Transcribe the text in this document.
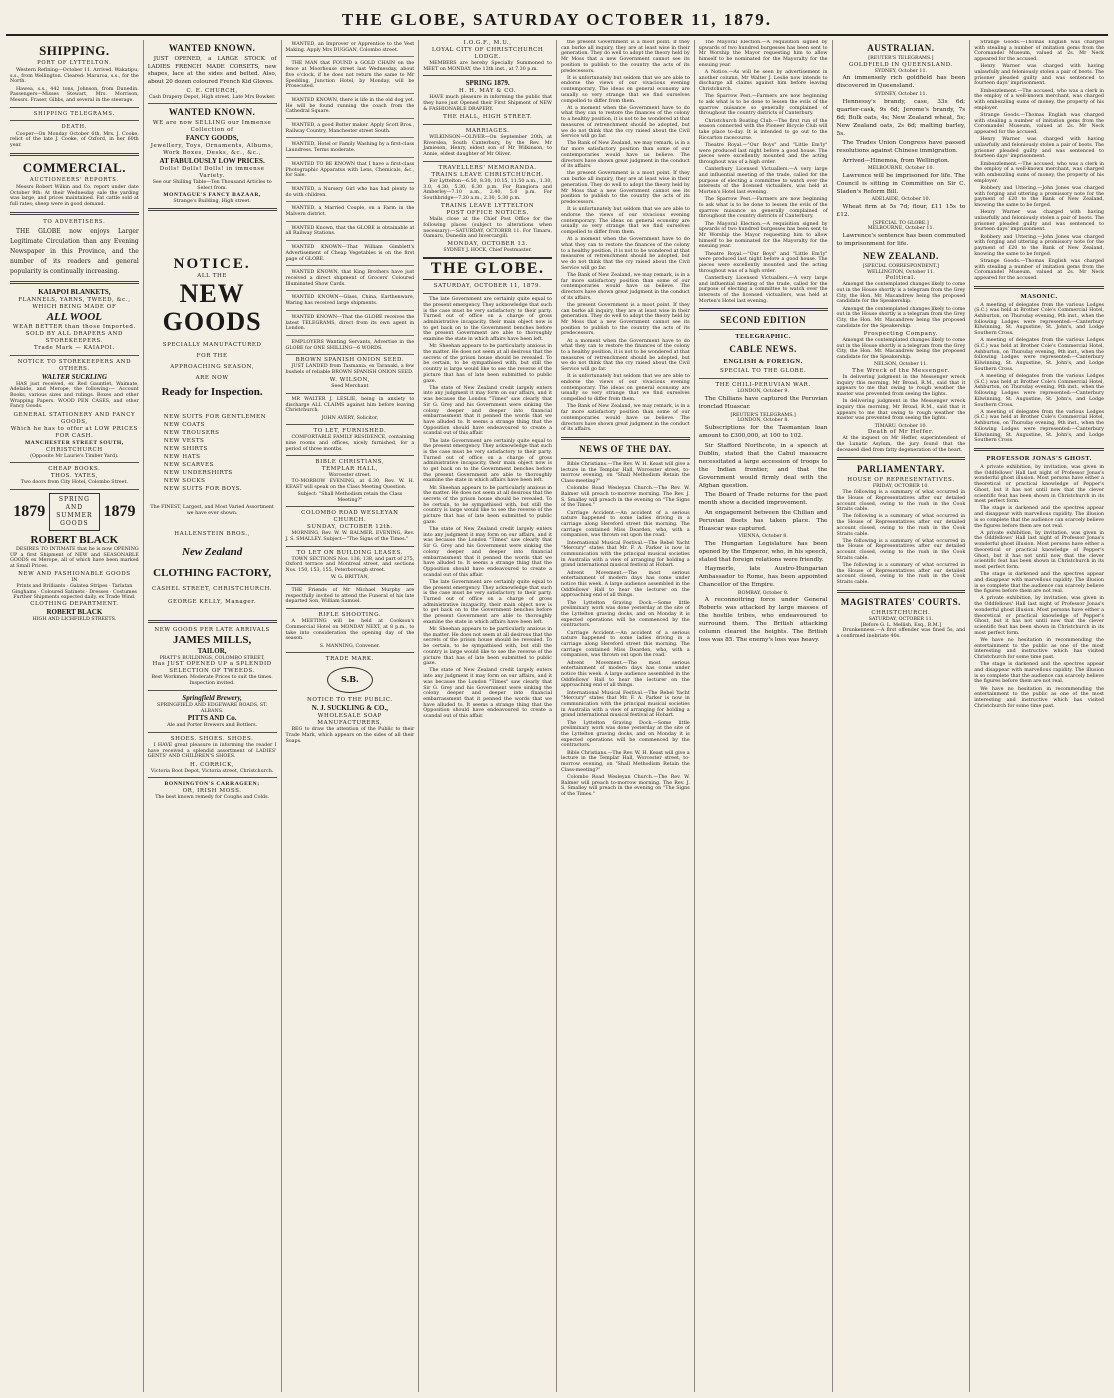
THE GLOBE, SATURDAY OCTOBER 11, 1879.
SHIPPING.
PORT OF LYTTELTON.

Western Refining—October 11. Arrived. Wakatipu, s.s., from Wellington. Cleared: Mararoa, s.s., for the North.

Hawea, s.s., 442 tons, Johnson, from Dunedin. Passengers—Misses Stewart, Mrs. Morrison, Messrs. Fraser, Gibbs, and several in the steerage.

SHIPPING TELEGRAMS.
DEATH.

Cooper—On Monday October 6th, Mrs. J. Cooke, relict of the late J. Cooke, of Oxford, in her 60th year.

COMMERCIAL.
AUCTIONEERS' REPORTS.

Messrs Robert Wilkin and Co. report under date October 9th: At their Wednesday sale the yarding was large, and prices maintained. Fat cattle sold at full rates; sheep were in good demand.

TO ADVERTISERS.

THE GLOBE now enjoys Larger Legitimate Circulation than any Evening Newspaper in this Province, and the number of its readers and general popularity is continually increasing.

KAIAPOI BLANKETS,
FLANNELS, YARNS, TWEED, &c.,
WHICH BEING MADE OF
ALL WOOL
WEAR BETTER than those Imported.
SOLD BY ALL DRAPERS AND STOREKEEPERS.
Trade Mark — KAIAPOI.
NOTICE TO STOREKEEPERS AND OTHERS.
WALTER SUCKLING

HAS just received, ex Red Gauntlet, Waimate, Adelaide, and Merope, the following:— Account Books, various sizes and rulings. Boxes and other Wrapping Papers. WOOD PEN CASES, and other Fancy Goods.

GENERAL STATIONERY AND FANCY GOODS,
Which he has to offer at LOW PRICES FOR CASH.
MANCHESTER STREET SOUTH,
CHRISTCHURCH
(Opposite Mr Laurie's Timber Yard).
CHEAP BOOKS.
THOS. YATES,
Two doors from City Hotel, Colombo Street.
1879
SPRING
AND
SUMMER
GOODS
1879
ROBERT BLACK

DESIRES TO INTIMATE that he is now OPENING UP a first Shipment of NEW and SEASONABLE GOODS ex Merope, all of which have been marked at Small Prices.

NEW AND FASHIONABLE GOODS
IN
Prints and Brilliants · Galatea Stripes · Tarlatan Ginghams · Coloured Satinets · Dresses · Costumes
Further Shipments expected daily, ex Trade Wind.
CLOTHING DEPARTMENT.
ROBERT BLACK
HIGH AND LICHFIELD STREETS.
WANTED KNOWN.

JUST OPENED, a LARGE STOCK of LADIES FRENCH MADE CORSETS, new shapes, lace at the sides and belted. Also, about 20 dozen coloured French Kid Gloves.

C. E. CHURCH,
Cash Drapery Depot, High street, Late Mrs Bowker.
WANTED KNOWN.
WE are now SELLING our Immense Collection of
FANCY GOODS,
Jewellery, Toys, Ornaments, Albums, Work Boxes, Desks, &c., &c.,
AT FABULOUSLY LOW PRICES.
Dolls! Dolls! Dolls! in immense Variety.
See our Shilling Table—Ten Thousand Articles to Select from.
MONTAGUE'S FANCY BAZAAR,
Strange's Building, High street.
NOTICE.
ALL THE
NEW GOODS
SPECIALLY MANUFACTURED
FOR THE
APPROACHING SEASON,
ARE NOW
Ready for Inspection.
NEW SUITS FOR GENTLEMEN
NEW COATS
NEW TROUSERS
NEW VESTS
NEW SHIRTS
NEW HATS
NEW SCARVES
NEW UNDERSHIRTS
NEW SOCKS
NEW SUITS FOR BOYS.
The FINEST, Largest, and Most Varied Assortment we have ever shown.
HALLENSTEIN BROS.,
New Zealand
CLOTHING FACTORY,
CASHEL STREET, CHRISTCHURCH.
GEORGE KELLY, Manager.
NEW GOODS PER LATE ARRIVALS
JAMES MILLS,
TAILOR,
PRATT'S BUILDINGS, COLOMBO STREET,
Has JUST OPENED UP a SPLENDID SELECTION OF TWEEDS.
Best Workmen. Moderate Prices to suit the times. Inspection invited.
Springfield Brewery,
SPRINGFIELD AND EDGEWARE ROADS, ST. ALBANS.
PITTS AND Co.
Ale and Porter Brewers and Bottlers.
SHOES. SHOES. SHOES.

I HAVE great pleasure in informing the reader I have received a splendid assortment of LADIES' GENTS' AND CHILDREN'S SHOES.

H. CORRICK,
Victoria Boot Depot, Victoria street, Christchurch.
BONNINGTON'S CARRAGEEN;
OR, IRISH MOSS.
The best known remedy for Coughs and Colds.

WANTED, an Improver or Apprentice to the Vest Making. Apply Mrs DUGGAN, Colombo street.

THE MAN that FOUND a GOLD CHAIN on the fence at Moorhouse street last Wednesday, about five o'clock, if he does not return the same to Mr Spedding, Junction Hotel, by Monday, will be Prosecuted.

WANTED KNOWN, there is life in the old dog yet. He will be found running the coach from the Cathedral Square.

WANTED, a good Butter maker. Apply Scott Bros., Railway Country, Manchester street South.

WANTED, Hotel or Family Washing by a first-class Laundress. Terms moderate.

WANTED TO BE KNOWN that I have a first-class Photographic Apparatus with Lens, Chemicals, &c., for Sale.

WANTED, a Nursery Girl who has had plenty to do with children.

WANTED, a Married Couple, on a Farm in the Malvern district.

WANTED Known, that the GLOBE is obtainable at all Railway Stations.

WANTED KNOWN—That William Gimblett's Advertisement of Cheap Vegetables is on the first page of GLOBE.

WANTED KNOWN, that King Brothers have just received a direct shipment of Grocers' Coloured Illuminated Show Cards.

WANTED KNOWN—Glass, China, Earthenware, Waring has received large shipments.

WANTED KNOWN—That the GLOBE receives the latest TELEGRAMS, direct from its own agent in London.

EMPLOYERS Wanting Servants, Advertise in the GLOBE for ONE SHILLING—6 WORDS.

BROWN SPANISH ONION SEED.

JUST LANDED from Tasmania, ex Taranaki, a few bushels of reliable BROWN SPANISH ONION SEED.

W. WILSON,
Seed Merchant

MR WALTER J. LESLIE, being in anxiety to discharge ALL CLAIMS against him before leaving Christchurch.

JOHN AVERY, Solicitor,
TO LET, FURNISHED.

COMFORTABLE FAMILY RESIDENCE, containing nine rooms and offices, nicely furnished, for a period of three months.

BIBLE CHRISTIANS,
TEMPLAR HALL,
Worcester street.

TO-MORROW EVENING, at 6.30, Rev. W. H. KEAST will speak on the Class Meeting Question.

Subject: "Shall Methodism retain the Class Meeting?"
COLOMBO ROAD WESLEYAN CHURCH.
SUNDAY, OCTOBER 12th.

MORNING, Rev. W. W. BALMER. EVENING, Rev. J. S. SMALLEY. Subject—"The Signs of the Times."

TO LET ON BUILDING LEASES.

TOWN SECTIONS Nos. 136, 138, and part of 275, Oxford terrace and Montreal street, and sections Nos. 150, 153, 155, Peterborough street.

W. G. BRITTAN,

THE Friends of Mr Michael Murphy are respectfully invited to attend the Funeral of his late departed Son, William Samuel.

RIFLE SHOOTING.

A MEETING will be held at Cookson's Commercial Hotel on MONDAY NEXT, at 8 p.m., to take into consideration the opening day of the season.

S. MANNING, Convener.
TRADE MARK.
S.B.
NOTICE TO THE PUBLIC.
N. J. SUCKLING & CO.,
WHOLESALE SOAP MANUFACTURERS,

BEG to draw the attention of the Public to their Trade Mark, which appears on the sides of all their Soaps.

I.O.G.F., M.U.,
LOYAL CITY OF CHRISTCHURCH LODGE.

MEMBERS are hereby Specially Summoned to MEET on MONDAY, the 13th inst., at 7.30 p.m.

SPRING 1879.
H. H. MAY & CO.

HAVE much pleasure in informing the public that they have just Opened their First Shipment of NEW & FASHIONABLE DRAPERY.

THE HALL, HIGH STREET.
MARRIAGES.

WILKINSON—OLIVER—On September 20th, at Riverslea, South Canterbury, by the Rev. Mr Jamieson, Henry, eldest son of Mr Wilkinson, to Annie, eldest daughter of Mr Oliver.

TRAVELLERS' MEMORANDA.
TRAINS LEAVE CHRISTCHURCH.

For Lyttelton—6.50, 8.30, 10.15, 11.50 a.m., 1.30, 3.0, 4.30, 5.30, 6.30 p.m. For Rangiora and Amberley—7.10 a.m., 2.40, 5.0 p.m. For Southbridge—7.20 a.m., 2.30, 5.30 p.m.

TRAINS LEAVE LYTTELTON
POST OFFICE NOTICES.

Mails close at the Chief Post Office for the following places (subject to alterations when necessary):—SATURDAY, OCTOBER 11. For Timaru, Oamaru, Dunedin and Invercargill.

MONDAY, OCTOBER 13.
SYDNEY J. HOCK, Chief Postmaster.
THE GLOBE.
SATURDAY, OCTOBER 11, 1879.

The late Government are certainly quite equal to the present emergency. They acknowledge that such is the case must be very satisfactory to their party. Turned out of office on a charge of gross administrative incapacity, their main object now is to get back on to the Government benches before the present Government are able to thoroughly examine the state in which affairs have been left.

Mr. Sheehan appears to be particularly anxious in the matter. He does not seem at all desirous that the secrets of the prison house should be revealed. To be certain, to be sympathised with, but still the country is large would like to see the reverse of the picture that has of late been submitted to public gaze.

The state of New Zealand credit largely enters into any judgment it may form on our affairs, and it was because the London "Times" saw clearly that Sir G. Grey and his Government were sinking the colony deeper and deeper into financial embarrassment that it penned the words that we have alluded to. It seems a strange thing that the Opposition should have endeavoured to create a scandal out of this affair.

The late Government are certainly quite equal to the present emergency. They acknowledge that such is the case must be very satisfactory to their party. Turned out of office on a charge of gross administrative incapacity, their main object now is to get back on to the Government benches before the present Government are able to thoroughly examine the state in which affairs have been left.

Mr. Sheehan appears to be particularly anxious in the matter. He does not seem at all desirous that the secrets of the prison house should be revealed. To be certain, to be sympathised with, but still the country is large would like to see the reverse of the picture that has of late been submitted to public gaze.

The state of New Zealand credit largely enters into any judgment it may form on our affairs, and it was because the London "Times" saw clearly that Sir G. Grey and his Government were sinking the colony deeper and deeper into financial embarrassment that it penned the words that we have alluded to. It seems a strange thing that the Opposition should have endeavoured to create a scandal out of this affair.

The late Government are certainly quite equal to the present emergency. They acknowledge that such is the case must be very satisfactory to their party. Turned out of office on a charge of gross administrative incapacity, their main object now is to get back on to the Government benches before the present Government are able to thoroughly examine the state in which affairs have been left.

Mr. Sheehan appears to be particularly anxious in the matter. He does not seem at all desirous that the secrets of the prison house should be revealed. To be certain, to be sympathised with, but still the country is large would like to see the reverse of the picture that has of late been submitted to public gaze.

The state of New Zealand credit largely enters into any judgment it may form on our affairs, and it was because the London "Times" saw clearly that Sir G. Grey and his Government were sinking the colony deeper and deeper into financial embarrassment that it penned the words that we have alluded to. It seems a strange thing that the Opposition should have endeavoured to create a scandal out of this affair.

the present Government is a moot point. If they can burke all inquiry, they are at least wise in their generation. They do well to adopt the theory held by Mr Moss that a new Government cannot see its position to publish to the country the acts of its predecessors.

It is unfortunately but seldom that we are able to endorse the views of our vivacious evening contemporary. The ideas on general economy are usually so very strange that we find ourselves compelled to differ from them.

At a moment when the Government have to do what they can to restore the finances of the colony to a healthy position, it is not to be wondered at that measures of retrenchment should be adopted, but we do not think that the cry raised about the Civil Service will go far.

The Bank of New Zealand, we may remark, is in a far more satisfactory position than some of our contemporaries would have us believe. The directors have shown great judgment in the conduct of its affairs.

the present Government is a moot point. If they can burke all inquiry, they are at least wise in their generation. They do well to adopt the theory held by Mr Moss that a new Government cannot see its position to publish to the country the acts of its predecessors.

It is unfortunately but seldom that we are able to endorse the views of our vivacious evening contemporary. The ideas on general economy are usually so very strange that we find ourselves compelled to differ from them.

At a moment when the Government have to do what they can to restore the finances of the colony to a healthy position, it is not to be wondered at that measures of retrenchment should be adopted, but we do not think that the cry raised about the Civil Service will go far.

The Bank of New Zealand, we may remark, is in a far more satisfactory position than some of our contemporaries would have us believe. The directors have shown great judgment in the conduct of its affairs.

the present Government is a moot point. If they can burke all inquiry, they are at least wise in their generation. They do well to adopt the theory held by Mr Moss that a new Government cannot see its position to publish to the country the acts of its predecessors.

At a moment when the Government have to do what they can to restore the finances of the colony to a healthy position, it is not to be wondered at that measures of retrenchment should be adopted, but we do not think that the cry raised about the Civil Service will go far.

It is unfortunately but seldom that we are able to endorse the views of our vivacious evening contemporary. The ideas on general economy are usually so very strange that we find ourselves compelled to differ from them.

The Bank of New Zealand, we may remark, is in a far more satisfactory position than some of our contemporaries would have us believe. The directors have shown great judgment in the conduct of its affairs.

NEWS OF THE DAY.

Bible Christians.—The Rev. W. H. Keast will give a lecture in the Templar Hall, Worcester street, to-morrow evening, on "Shall Methodism Retain the Class-meeting?"

Colombo Road Wesleyan Church.—The Rev. W. Balmer will preach to-morrow morning. The Rev. J. S. Smalley will preach in the evening on "The Signs of the Times."

Carriage Accident.—An accident of a serious nature happened to some ladies driving in a carriage along Hereford street this morning. The carriage contained Miss Dearden, who, with a companion, was thrown out upon the road.

International Musical Festival.—The Rebel Yacht "Mercury" states that Mr. F. A. Parker is now in communication with the principal musical societies in Australia with a view of arranging for holding a grand international musical festival at Hobart.

Advent Movement.—The most serious entertainment of modern days has come under notice this week. A large audience assembled in the Oddfellows' Hall to hear the lecturer on the approaching end of all things.

The Lyttelton Graving Dock.—Some little preliminary work was done yesterday at the site of the Lyttelton graving docks, and on Monday it is expected operations will be commenced by the contractors.

Carriage Accident.—An accident of a serious nature happened to some ladies driving in a carriage along Hereford street this morning. The carriage contained Miss Dearden, who, with a companion, was thrown out upon the road.

Advent Movement.—The most serious entertainment of modern days has come under notice this week. A large audience assembled in the Oddfellows' Hall to hear the lecturer on the approaching end of all things.

International Musical Festival.—The Rebel Yacht "Mercury" states that Mr. F. A. Parker is now in communication with the principal musical societies in Australia with a view of arranging for holding a grand international musical festival at Hobart.

The Lyttelton Graving Dock.—Some little preliminary work was done yesterday at the site of the Lyttelton graving docks, and on Monday it is expected operations will be commenced by the contractors.

Bible Christians.—The Rev. W. H. Keast will give a lecture in the Templar Hall, Worcester street, to-morrow evening, on "Shall Methodism Retain the Class-meeting?"

Colombo Road Wesleyan Church.—The Rev. W. Balmer will preach to-morrow morning. The Rev. J. S. Smalley will preach in the evening on "The Signs of the Times."

The Mayoral Election.—A requisition signed by upwards of two hundred burgesses has been sent to Mr Worship the Mayor requesting him to allow himself to be nominated for the Mayoralty for the ensuing year.

A Notice.—As will be seen by advertisement in another column, Mr Walter J. Leslie now intends to discharge all claims against him before leaving Christchurch.

The Sparrow Pest.—Farmers are now beginning to ask what is to be done to lessen the evils of the sparrow nuisance so generally complained of throughout the country districts of Canterbury.

Christchurch Boating Club.—The first run of the season connected with the Pioneer Bicycle Club will take place to-day. It is intended to go out to the Riccarton racecourse.

Theatre Royal.—"Our Boys" and "Little Em'ly" were produced last night before a good house. The pieces were excellently mounted and the acting throughout was of a high order.

Canterbury Licensed Victuallers.—A very large and influential meeting of the trade, called for the purpose of electing a committee to watch over the interests of the licensed victuallers, was held at Morten's Hotel last evening.

The Sparrow Pest.—Farmers are now beginning to ask what is to be done to lessen the evils of the sparrow nuisance so generally complained of throughout the country districts of Canterbury.

The Mayoral Election.—A requisition signed by upwards of two hundred burgesses has been sent to Mr Worship the Mayor requesting him to allow himself to be nominated for the Mayoralty for the ensuing year.

Theatre Royal.—"Our Boys" and "Little Em'ly" were produced last night before a good house. The pieces were excellently mounted and the acting throughout was of a high order.

Canterbury Licensed Victuallers.—A very large and influential meeting of the trade, called for the purpose of electing a committee to watch over the interests of the licensed victuallers, was held at Morten's Hotel last evening.

SECOND EDITION
TELEGRAPHIC.
CABLE NEWS.
ENGLISH & FOREIGN.
SPECIAL TO THE GLOBE.
THE CHILI-PERUVIAN WAR.
LONDON, October 9.

The Chilians have captured the Peruvian ironclad Huascar.

[REUTER'S TELEGRAMS.]
LONDON, October 8.

Subscriptions for the Tasmanian loan amount to £300,000, at 100 to 102.

Sir Stafford Northcote, in a speech at Dublin, stated that the Cabul massacre necessitated a large accession of troops to the Indian frontier, and that the Government would firmly deal with the Afghan question.

The Board of Trade returns for the past month show a decided improvement.

An engagement between the Chilian and Peruvian fleets has taken place. The Huascar was captured.

VIENNA, October 8.

The Hungarian Legislature has been opened by the Emperor, who, in his speech, stated that foreign relations were friendly.

Haymerle, late Austro-Hungarian Ambassador to Rome, has been appointed Chancellor of the Empire.

BOMBAY, October 8.

A reconnoitring force under General Roberts was attacked by large masses of the hostile tribes, who endeavoured to surround them. The British attacking column cleared the heights. The British loss was 85. The enemy's loss was heavy.

AUSTRALIAN.
[REUTER'S TELEGRAMS.]
GOLDFIELD IN QUEENSLAND.
SYDNEY, October 11.

An immensely rich goldfield has been discovered in Queensland.

SYDNEY, October 11.

Hennessy's brandy, case, 33s 6d; quarter-cask, 9s 6d; Jerome's brandy, 7s 6d; Bulk oats, 4s; New Zealand wheat, 5s; New Zealand oats, 2s 6d; malting barley, 5s.

The Trades Union Congress have passed resolutions against Chinese immigration.

Arrived—Hinemoa, from Wellington.

MELBOURNE, October 10.

Lawrence will be imprisoned for life. The Council is sitting in Committee on Sir C. Sladen's Reform Bill.

ADELAIDE, October 10.

Wheat firm at 5s 7d; flour, £11 15s to £12.

[SPECIAL TO GLOBE.]
MELBOURNE, October 11.

Lawrence's sentence has been commuted to imprisonment for life.

NEW ZEALAND.
[SPECIAL CORRESPONDENT.]
WELLINGTON, October 11.
Political.

Amongst the contemplated changes likely to come out in the House shortly is a telegram from the Grey City, the Hon. Mr. Macandrew being the proposed candidate for the Speakership.

Amongst the contemplated changes likely to come out in the House shortly is a telegram from the Grey City, the Hon. Mr. Macandrew being the proposed candidate for the Speakership.

Prospecting Company.

Amongst the contemplated changes likely to come out in the House shortly is a telegram from the Grey City, the Hon. Mr. Macandrew being the proposed candidate for the Speakership.

NELSON, October 11.
The Wreck of the Messenger.

In delivering judgment in the Messenger wreck inquiry this morning, Mr Broad, R.M., said that it appears to me that owing to rough weather the master was prevented from seeing the lights.

In delivering judgment in the Messenger wreck inquiry this morning, Mr Broad, R.M., said that it appears to me that owing to rough weather the master was prevented from seeing the lights.

TIMARU, October 10.
Death of Mr Heffer.

At the inquest on Mr Heffer, superintendent of the Lunatic Asylum, the jury found that the deceased died from fatty degeneration of the heart.

PARLIAMENTARY.
HOUSE OF REPRESENTATIVES.
FRIDAY, OCTOBER 10.

The following is a summary of what occurred in the House of Representatives after our detailed account closed, owing to the rush in the Cook Straits cable.

The following is a summary of what occurred in the House of Representatives after our detailed account closed, owing to the rush in the Cook Straits cable.

The following is a summary of what occurred in the House of Representatives after our detailed account closed, owing to the rush in the Cook Straits cable.

The following is a summary of what occurred in the House of Representatives after our detailed account closed, owing to the rush in the Cook Straits cable.

MAGISTRATES' COURTS.
CHRISTCHURCH.
SATURDAY, OCTOBER 11.
[Before G. L. Mellish, Esq., R.M.]

Drunkenness.—A first offender was fined 5s, and a confirmed inebriate 40s.

Strange Goods.—Thomas English was charged with stealing a number of imitation gems from the Coromandel Museum, valued at 2s. Mr Neck appeared for the accused.

Henry Warner was charged with having unlawfully and feloniously stolen a pair of boots. The prisoner pleaded guilty and was sentenced to fourteen days' imprisonment.

Embezzlement.—The accused, who was a clerk in the employ of a well-known merchant, was charged with embezzling sums of money, the property of his employer.

Strange Goods.—Thomas English was charged with stealing a number of imitation gems from the Coromandel Museum, valued at 2s. Mr Neck appeared for the accused.

Henry Warner was charged with having unlawfully and feloniously stolen a pair of boots. The prisoner pleaded guilty and was sentenced to fourteen days' imprisonment.

Embezzlement.—The accused, who was a clerk in the employ of a well-known merchant, was charged with embezzling sums of money, the property of his employer.

Robbery and Uttering.—John Jones was charged with forging and uttering a promissory note for the payment of £20 to the Bank of New Zealand, knowing the same to be forged.

Henry Warner was charged with having unlawfully and feloniously stolen a pair of boots. The prisoner pleaded guilty and was sentenced to fourteen days' imprisonment.

Robbery and Uttering.—John Jones was charged with forging and uttering a promissory note for the payment of £20 to the Bank of New Zealand, knowing the same to be forged.

Strange Goods.—Thomas English was charged with stealing a number of imitation gems from the Coromandel Museum, valued at 2s. Mr Neck appeared for the accused.

MASONIC.

A meeting of delegates from the various Lodges (S.C.) was held at Brother Cole's Commercial Hotel, Ashburton, on Thursday evening, 9th inst., when the following Lodges were represented:—Canterbury Kilwinning, St. Augustine, St. John's, and Lodge Southern Cross.

A meeting of delegates from the various Lodges (S.C.) was held at Brother Cole's Commercial Hotel, Ashburton, on Thursday evening, 9th inst., when the following Lodges were represented:—Canterbury Kilwinning, St. Augustine, St. John's, and Lodge Southern Cross.

A meeting of delegates from the various Lodges (S.C.) was held at Brother Cole's Commercial Hotel, Ashburton, on Thursday evening, 9th inst., when the following Lodges were represented:—Canterbury Kilwinning, St. Augustine, St. John's, and Lodge Southern Cross.

A meeting of delegates from the various Lodges (S.C.) was held at Brother Cole's Commercial Hotel, Ashburton, on Thursday evening, 9th inst., when the following Lodges were represented:—Canterbury Kilwinning, St. Augustine, St. John's, and Lodge Southern Cross.

PROFESSOR JONAS'S GHOST.

A private exhibition, by invitation, was given in the Oddfellows' Hall last night of Professor Jonas's wonderful ghost illusion. Most persons have either a theoretical or practical knowledge of Pepper's Ghost, but it has not until now that the clever scientific feat has been shown in Christchurch in its most perfect form.

The stage is darkened and the spectres appear and disappear with marvellous rapidity. The illusion is so complete that the audience can scarcely believe the figures before them are not real.

A private exhibition, by invitation, was given in the Oddfellows' Hall last night of Professor Jonas's wonderful ghost illusion. Most persons have either a theoretical or practical knowledge of Pepper's Ghost, but it has not until now that the clever scientific feat has been shown in Christchurch in its most perfect form.

The stage is darkened and the spectres appear and disappear with marvellous rapidity. The illusion is so complete that the audience can scarcely believe the figures before them are not real.

A private exhibition, by invitation, was given in the Oddfellows' Hall last night of Professor Jonas's wonderful ghost illusion. Most persons have either a theoretical or practical knowledge of Pepper's Ghost, but it has not until now that the clever scientific feat has been shown in Christchurch in its most perfect form.

We have no hesitation in recommending the entertainment to the public as one of the most interesting and instructive which has visited Christchurch for some time past.

The stage is darkened and the spectres appear and disappear with marvellous rapidity. The illusion is so complete that the audience can scarcely believe the figures before them are not real.

We have no hesitation in recommending the entertainment to the public as one of the most interesting and instructive which has visited Christchurch for some time past.
